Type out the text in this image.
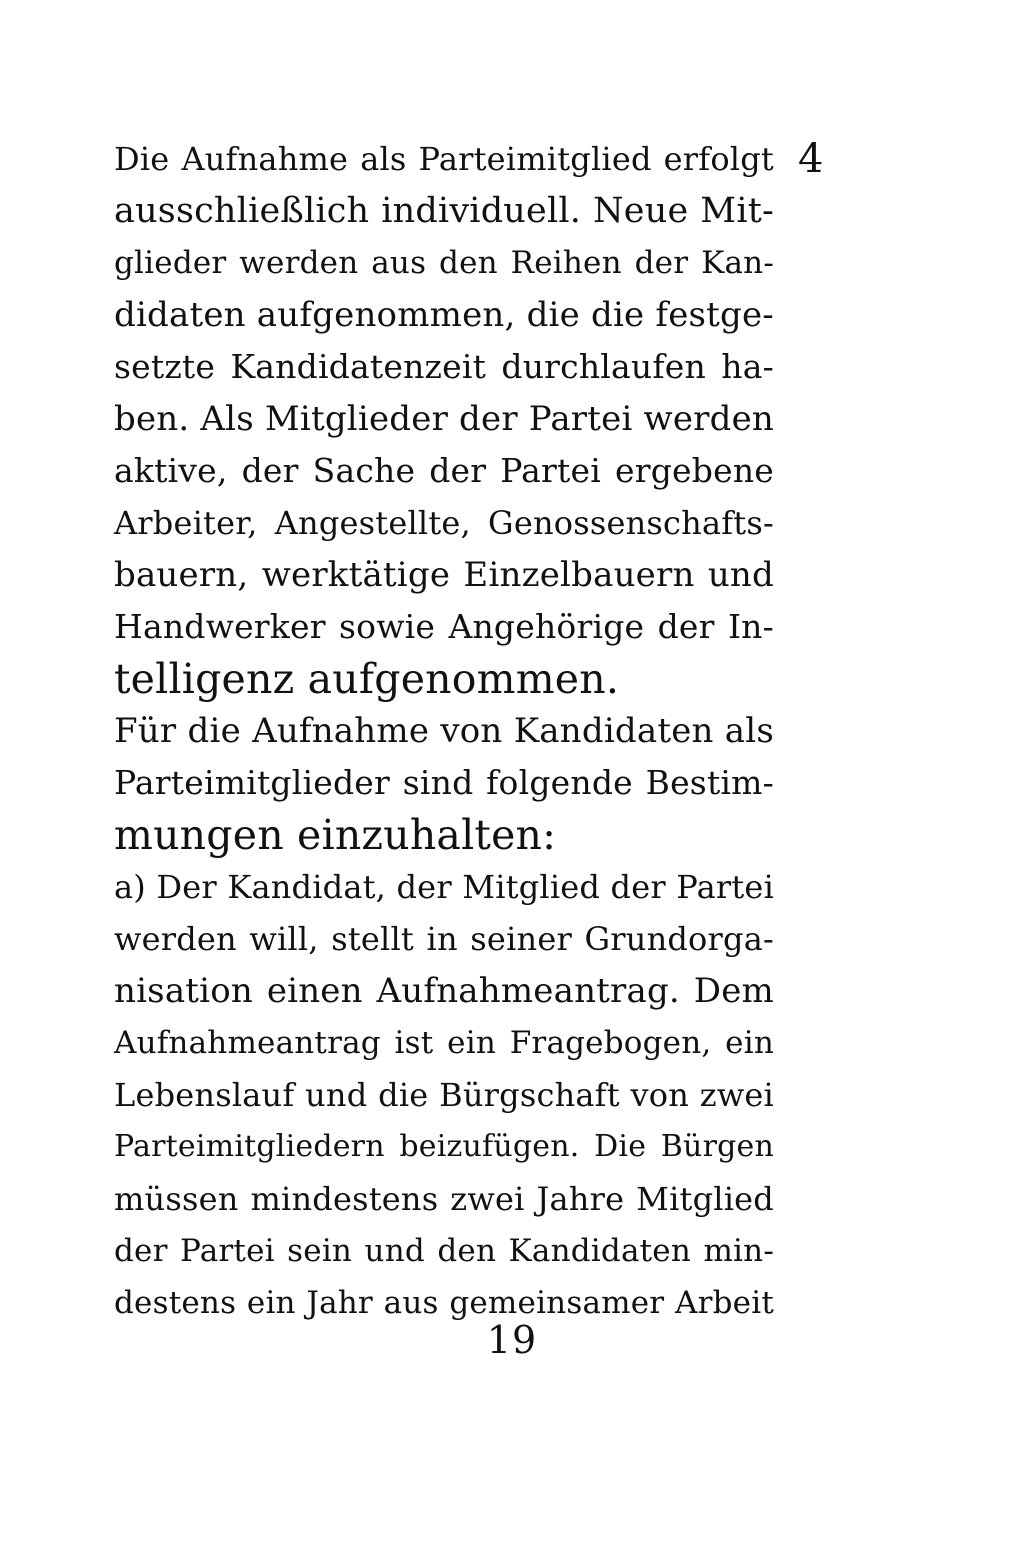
4
Die Aufnahme als Parteimitglied erfolgt
ausschließlich individuell. Neue Mit-
glieder werden aus den Reihen der Kan-
didaten aufgenommen, die die festge-
setzte Kandidatenzeit durchlaufen ha-
ben. Als Mitglieder der Partei werden
aktive, der Sache der Partei ergebene
Arbeiter, Angestellte, Genossenschafts-
bauern, werktätige Einzelbauern und
Handwerker sowie Angehörige der In-
telligenz aufgenommen.
Für die Aufnahme von Kandidaten als
Parteimitglieder sind folgende Bestim-
mungen einzuhalten:
a) Der Kandidat, der Mitglied der Partei
werden will, stellt in seiner Grundorga-
nisation einen Aufnahmeantrag. Dem
Aufnahmeantrag ist ein Fragebogen, ein
Lebenslauf und die Bürgschaft von zwei
Parteimitgliedern beizufügen. Die Bürgen
müssen mindestens zwei Jahre Mitglied
der Partei sein und den Kandidaten min-
destens ein Jahr aus gemeinsamer Arbeit
19
